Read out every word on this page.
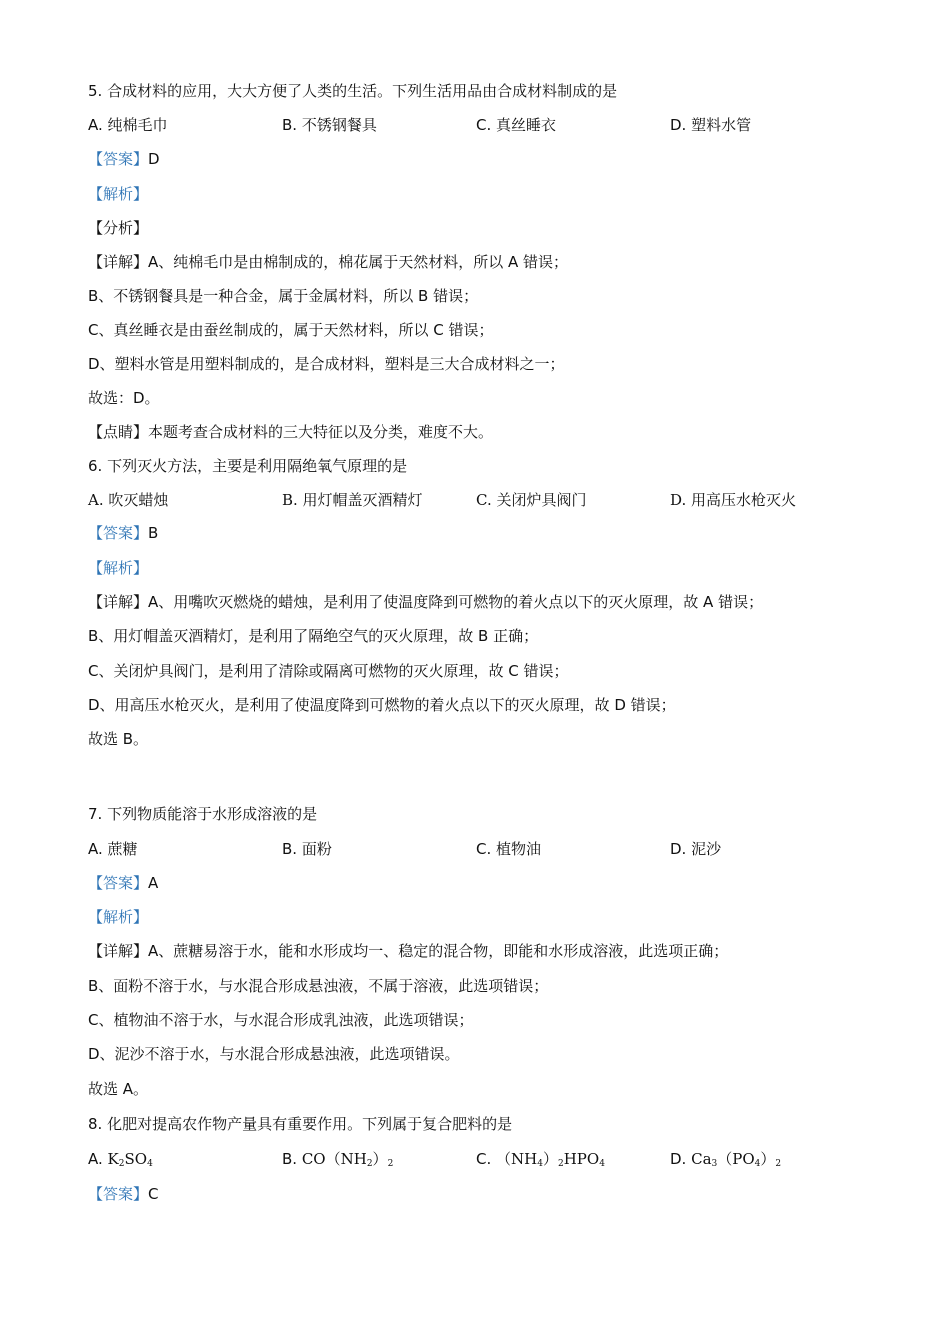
5. 合成材料的应用，大大方便了人类的生活。下列生活用品由合成材料制成的是
A. 纯棉毛巾	B. 不锈钢餐具	C. 真丝睡衣	D. 塑料水管
【答案】D
【解析】
【分析】
【详解】A、纯棉毛巾是由棉制成的，棉花属于天然材料，所以 A 错误；
B、不锈钢餐具是一种合金，属于金属材料，所以 B 错误；
C、真丝睡衣是由蚕丝制成的，属于天然材料，所以 C 错误；
D、塑料水管是用塑料制成的，是合成材料，塑料是三大合成材料之一；
故选：D。
【点睛】本题考查合成材料的三大特征以及分类，难度不大。
6. 下列灭火方法，主要是利用隔绝氧气原理的是
A. 吹灭蜡烛	B. 用灯帽盖灭酒精灯	C. 关闭炉具阀门	D. 用高压水枪灭火
【答案】B
【解析】
【详解】A、用嘴吹灭燃烧的蜡烛，是利用了使温度降到可燃物的着火点以下的灭火原理，故 A 错误；
B、用灯帽盖灭酒精灯，是利用了隔绝空气的灭火原理，故 B 正确；
C、关闭炉具阀门，是利用了清除或隔离可燃物的灭火原理，故 C 错误；
D、用高压水枪灭火，是利用了使温度降到可燃物的着火点以下的灭火原理，故 D 错误；
故选 B。
7. 下列物质能溶于水形成溶液的是
A. 蔗糖	B. 面粉	C. 植物油	D. 泥沙
【答案】A
【解析】
【详解】A、蔗糖易溶于水，能和水形成均一、稳定的混合物，即能和水形成溶液，此选项正确；
B、面粉不溶于水，与水混合形成悬浊液，不属于溶液，此选项错误；
C、植物油不溶于水，与水混合形成乳浊液，此选项错误；
D、泥沙不溶于水，与水混合形成悬浊液，此选项错误。
故选 A。
8. 化肥对提高农作物产量具有重要作用。下列属于复合肥料的是
A. $K_2SO_4$	B. $CO(NH_2)_2$	C. $(NH_4)_2HPO_4$	D. $Ca_3(PO_4)_2$
【答案】C
